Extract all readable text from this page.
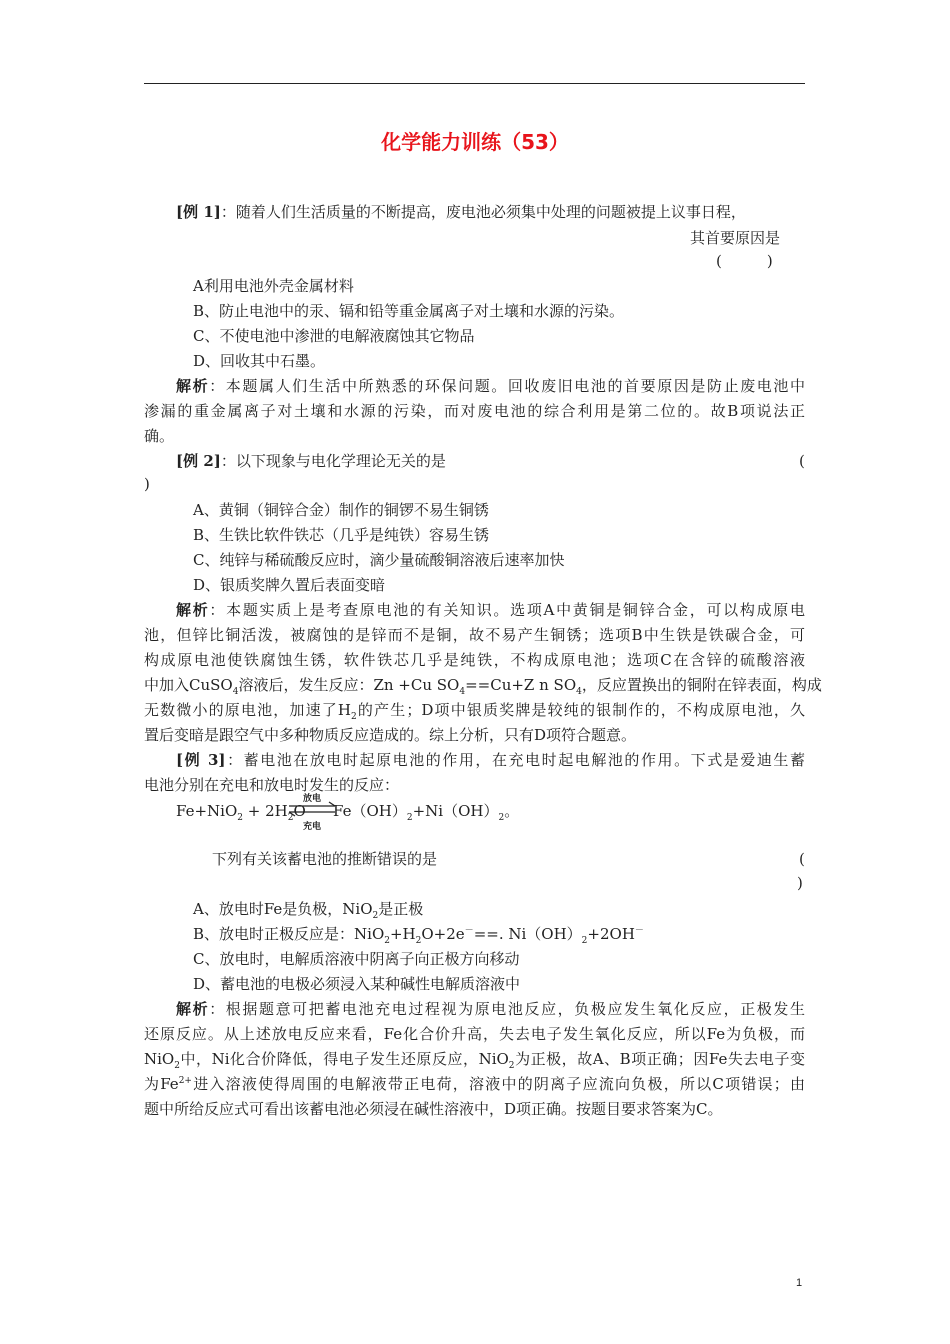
化学能力训练（53）
[例 1]：随着人们生活质量的不断提高，废电池必须集中处理的问题被提上议事日程，
其首要原因是
(　　　)
A利用电池外壳金属材料
B、防止电池中的汞、镉和铅等重金属离子对土壤和水源的污染。
C、不使电池中渗泄的电解液腐蚀其它物品
D、回收其中石墨。
解析：本题属人们生活中所熟悉的环保问题。回收废旧电池的首要原因是防止废电池中
渗漏的重金属离子对土壤和水源的污染，而对废电池的综合利用是第二位的。故B项说法正
确。
[例 2]：以下现象与电化学理论无关的是	(
)
A、黄铜（铜锌合金）制作的铜锣不易生铜锈
B、生铁比软件铁芯（几乎是纯铁）容易生锈
C、纯锌与稀硫酸反应时，滴少量硫酸铜溶液后速率加快
D、银质奖牌久置后表面变暗
解析：本题实质上是考查原电池的有关知识。选项A中黄铜是铜锌合金，可以构成原电
池，但锌比铜活泼，被腐蚀的是锌而不是铜，故不易产生铜锈；选项B中生铁是铁碳合金，可
构成原电池使铁腐蚀生锈，软件铁芯几乎是纯铁，不构成原电池；选项C在含锌的硫酸溶液
中加入CuSO$_4$溶液后，发生反应：Zn +Cu $SO_4==Cu+Z$ n $SO_4$，反应置换出的铜附在锌表面，构成
无数微小的原电池，加速了$H_2$的产生；D项中银质奖牌是较纯的银制作的，不构成原电池，久
置后变暗是跟空气中多种物质反应造成的。综上分析，只有D项符合题意。
[例 3]：蓄电池在放电时起原电池的作用，在充电时起电解池的作用。下式是爱迪生蓄
电池分别在充电和放电时发生的反应：
$Fe+NiO_2 + 2H_2O$
放电
充电
$Fe(OH)_2+Ni(OH)_2$。
下列有关该蓄电池的推断错误的是	(
)
A、放电时Fe是负极，NiO$_2$是正极
B、放电时正极反应是：$NiO_2+H_2O+2e^-==$. $Ni(OH)_2+2OH^-$
C、放电时，电解质溶液中阴离子向正极方向移动
D、蓄电池的电极必须浸入某种碱性电解质溶液中
解析：根据题意可把蓄电池充电过程视为原电池反应，负极应发生氧化反应，正极发生
还原反应。从上述放电反应来看，Fe化合价升高，失去电子发生氧化反应，所以Fe为负极，而
NiO$_2$中，Ni化合价降低，得电子发生还原反应，NiO$_2$为正极，故A、B项正确；因Fe失去电子变
为$Fe^{2+}$进入溶液使得周围的电解液带正电荷，溶液中的阴离子应流向负极，所以C项错误；由
题中所给反应式可看出该蓄电池必须浸在碱性溶液中，D项正确。按题目要求答案为C。
1
